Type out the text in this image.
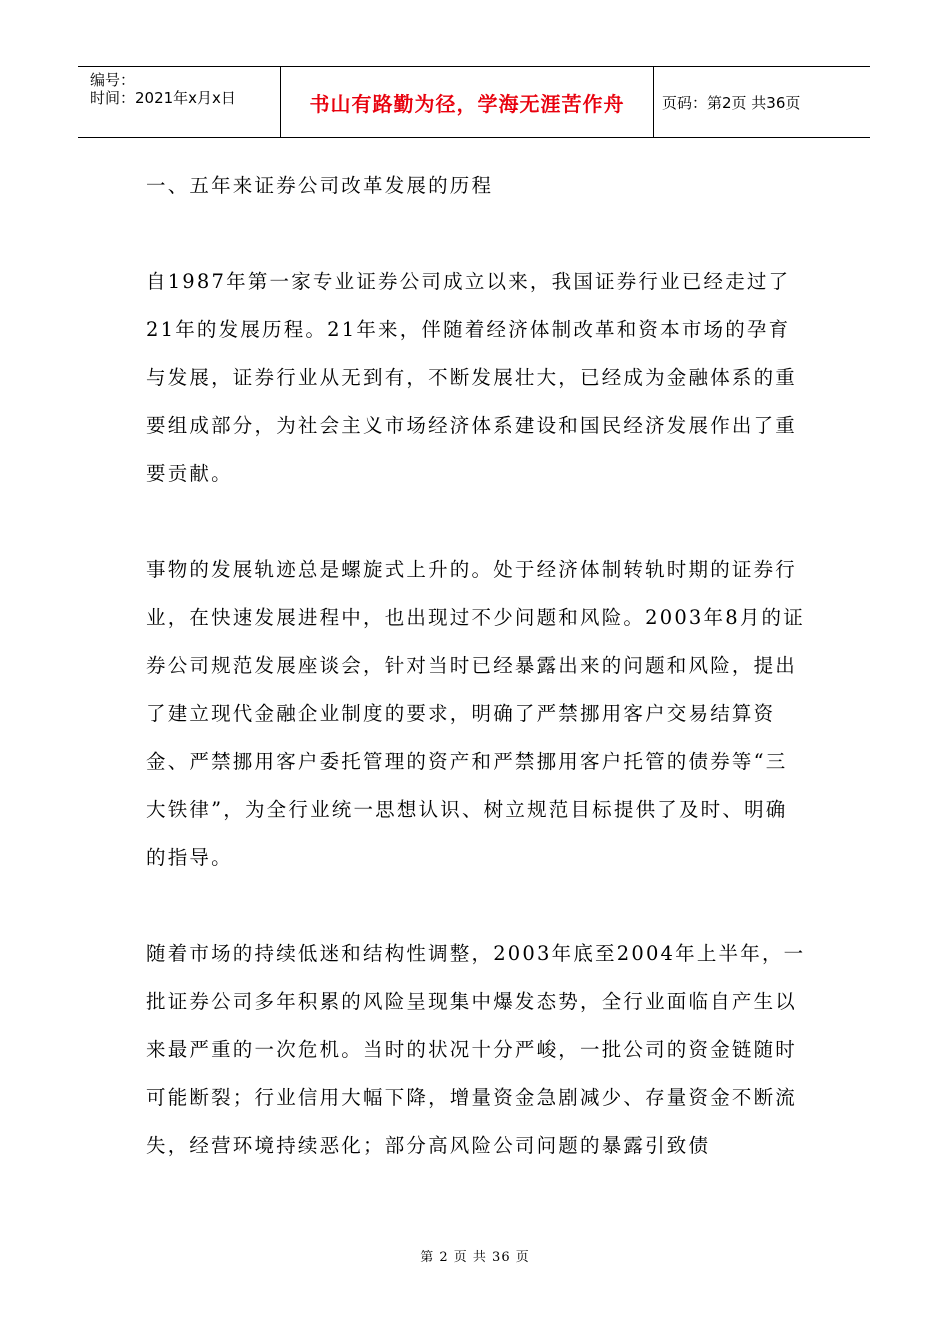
编号：
时间：2021年x月x日	书山有路勤为径，学海无涯苦作舟	页码：第2页 共36页

一、五年来证券公司改革发展的历程

自1987年第一家专业证券公司成立以来，我国证券行业已经走过了21年的发展历程。21年来，伴随着经济体制改革和资本市场的孕育与发展，证券行业从无到有，不断发展壮大，已经成为金融体系的重要组成部分，为社会主义市场经济体系建设和国民经济发展作出了重要贡献。

事物的发展轨迹总是螺旋式上升的。处于经济体制转轨时期的证券行业，在快速发展进程中，也出现过不少问题和风险。2003年8月的证券公司规范发展座谈会，针对当时已经暴露出来的问题和风险，提出了建立现代金融企业制度的要求，明确了严禁挪用客户交易结算资金、严禁挪用客户委托管理的资产和严禁挪用客户托管的债券等“三大铁律”，为全行业统一思想认识、树立规范目标提供了及时、明确的指导。

随着市场的持续低迷和结构性调整，2003年底至2004年上半年，一批证券公司多年积累的风险呈现集中爆发态势，全行业面临自产生以来最严重的一次危机。当时的状况十分严峻，一批公司的资金链随时可能断裂；行业信用大幅下降，增量资金急剧减少、存量资金不断流失，经营环境持续恶化；部分高风险公司问题的暴露引致债

第 2 页 共 36 页
